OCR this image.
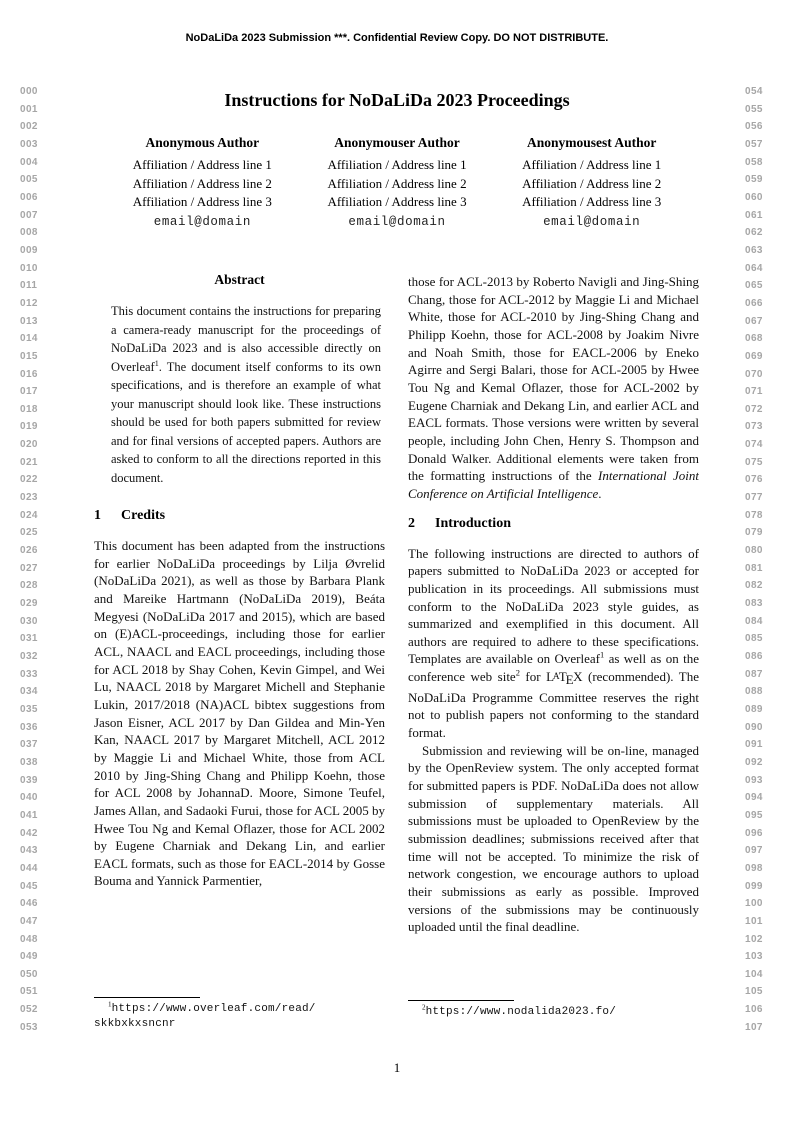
NoDaLiDa 2023 Submission ***. Confidential Review Copy. DO NOT DISTRIBUTE.
000
001
002
003
004
005
006
007
008
009
010
011
012
013
014
015
016
017
018
019
020
021
022
023
024
025
026
027
028
029
030
031
032
033
034
035
036
037
038
039
040
041
042
043
044
045
046
047
048
049
050
051
052
053
054
055
056
057
058
059
060
061
062
063
064
065
066
067
068
069
070
071
072
073
074
075
076
077
078
079
080
081
082
083
084
085
086
087
088
089
090
091
092
093
094
095
096
097
098
099
100
101
102
103
104
105
106
107
Instructions for NoDaLiDa 2023 Proceedings
Anonymous Author
Affiliation / Address line 1
Affiliation / Address line 2
Affiliation / Address line 3
email@domain
Anonymouser Author
Affiliation / Address line 1
Affiliation / Address line 2
Affiliation / Address line 3
email@domain
Anonymousest Author
Affiliation / Address line 1
Affiliation / Address line 2
Affiliation / Address line 3
email@domain
Abstract
This document contains the instructions for preparing a camera-ready manuscript for the proceedings of NoDaLiDa 2023 and is also accessible directly on Overleaf$^1$. The document itself conforms to its own specifications, and is therefore an example of what your manuscript should look like. These instructions should be used for both papers submitted for review and for final versions of accepted papers. Authors are asked to conform to all the directions reported in this document.
1	Credits

This document has been adapted from the instructions for earlier NoDaLiDa proceedings by Lilja Øvrelid (NoDaLiDa 2021), as well as those by Barbara Plank and Mareike Hartmann (NoDaLiDa 2019), Beáta Megyesi (NoDaLiDa 2017 and 2015), which are based on (E)ACL-proceedings, including those for earlier ACL, NAACL and EACL proceedings, including those for ACL 2018 by Shay Cohen, Kevin Gimpel, and Wei Lu, NAACL 2018 by Margaret Michell and Stephanie Lukin, 2017/2018 (NA)ACL bibtex suggestions from Jason Eisner, ACL 2017 by Dan Gildea and Min-Yen Kan, NAACL 2017 by Margaret Mitchell, ACL 2012 by Maggie Li and Michael White, those from ACL 2010 by Jing-Shing Chang and Philipp Koehn, those for ACL 2008 by JohannaD. Moore, Simone Teufel, James Allan, and Sadaoki Furui, those for ACL 2005 by Hwee Tou Ng and Kemal Oflazer, those for ACL 2002 by Eugene Charniak and Dekang Lin, and earlier EACL formats, such as those for EACL-2014 by Gosse Bouma and Yannick Parmentier,

those for ACL-2013 by Roberto Navigli and Jing-Shing Chang, those for ACL-2012 by Maggie Li and Michael White, those for ACL-2010 by Jing-Shing Chang and Philipp Koehn, those for ACL-2008 by Joakim Nivre and Noah Smith, those for EACL-2006 by Eneko Agirre and Sergi Balari, those for ACL-2005 by Hwee Tou Ng and Kemal Oflazer, those for ACL-2002 by Eugene Charniak and Dekang Lin, and earlier ACL and EACL formats. Those versions were written by several people, including John Chen, Henry S. Thompson and Donald Walker. Additional elements were taken from the formatting instructions of the International Joint Conference on Artificial Intelligence.

2	Introduction

The following instructions are directed to authors of papers submitted to NoDaLiDa 2023 or accepted for publication in its proceedings. All submissions must conform to the NoDaLiDa 2023 style guides, as summarized and exemplified in this document. All authors are required to adhere to these specifications. Templates are available on Overleaf$^1$ as well as on the conference web site$^2$ for $L^ATEX$ (recommended). The NoDaLiDa Programme Committee reserves the right not to publish papers not conforming to the standard format.

Submission and reviewing will be on-line, managed by the OpenReview system. The only accepted format for submitted papers is PDF. NoDaLiDa does not allow submission of supplementary materials. All submissions must be uploaded to OpenReview by the submission deadlines; submissions received after that time will not be accepted. To minimize the risk of network congestion, we encourage authors to upload their submissions as early as possible. Improved versions of the submissions may be continuously uploaded until the final deadline.

$^1$https://www.overleaf.com/read/
skkbxkxsncnr
$^2$https://www.nodalida2023.fo/
1
